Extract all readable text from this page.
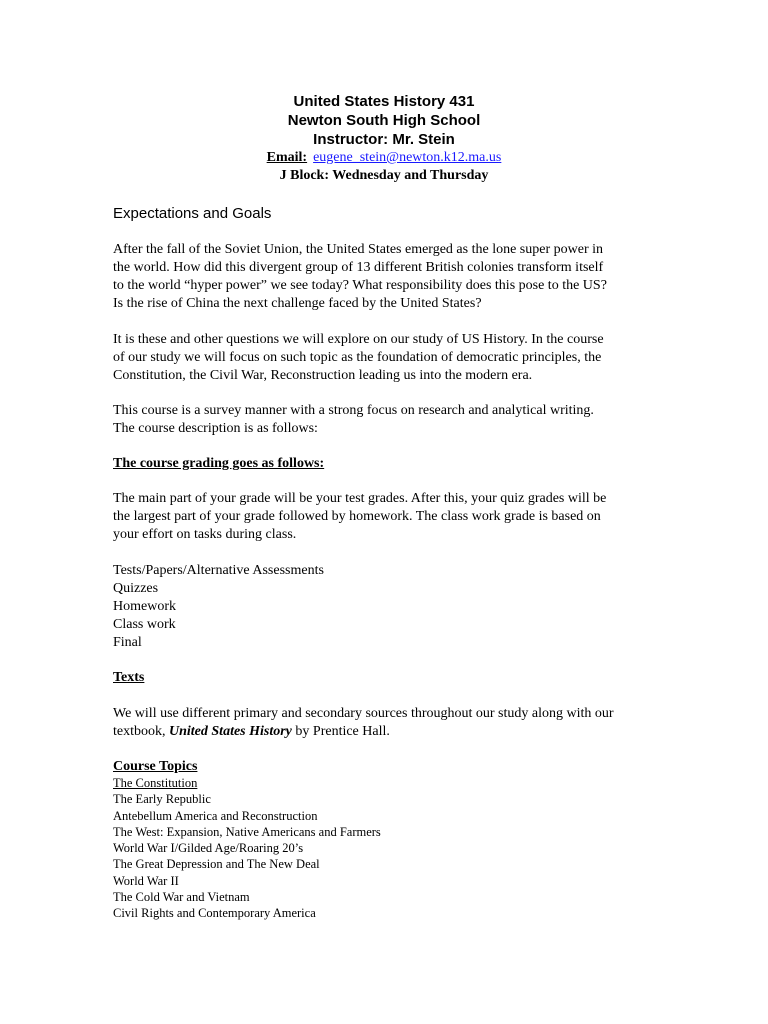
United States History 431
Newton South High School
Instructor: Mr. Stein
Email: eugene_stein@newton.k12.ma.us
J Block: Wednesday and Thursday
Expectations and Goals
After the fall of the Soviet Union, the United States emerged as the lone super power in
the world. How did this divergent group of 13 different British colonies transform itself
to the world “hyper power” we see today? What responsibility does this pose to the US?
Is the rise of China the next challenge faced by the United States?
It is these and other questions we will explore on our study of US History. In the course
of our study we will focus on such topic as the foundation of democratic principles, the
Constitution, the Civil War, Reconstruction leading us into the modern era.
This course is a survey manner with a strong focus on research and analytical writing.
The course description is as follows:
The course grading goes as follows:
The main part of your grade will be your test grades. After this, your quiz grades will be
the largest part of your grade followed by homework. The class work grade is based on
your effort on tasks during class.
Tests/Papers/Alternative Assessments
Quizzes
Homework
Class work
Final
Texts
We will use different primary and secondary sources throughout our study along with our
textbook, United States History by Prentice Hall.
Course Topics
The Constitution
The Early Republic
Antebellum America and Reconstruction
The West: Expansion, Native Americans and Farmers
World War I/Gilded Age/Roaring 20’s
The Great Depression and The New Deal
World War II
The Cold War and Vietnam
Civil Rights and Contemporary America
